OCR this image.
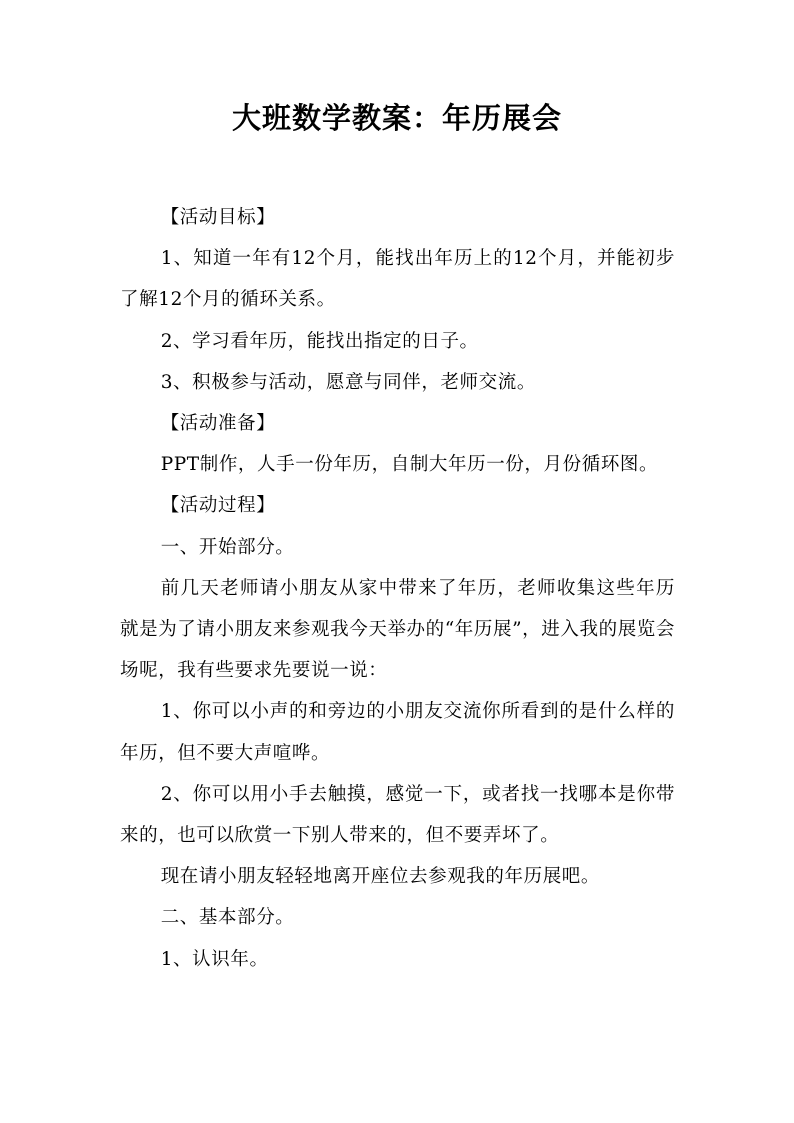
大班数学教案：年历展会

【活动目标】

1、知道一年有12个月，能找出年历上的12个月，并能初步了解12个月的循环关系。

2、学习看年历，能找出指定的日子。

3、积极参与活动，愿意与同伴，老师交流。

【活动准备】

PPT制作，人手一份年历，自制大年历一份，月份循环图。

【活动过程】

一、开始部分。

前几天老师请小朋友从家中带来了年历，老师收集这些年历就是为了请小朋友来参观我今天举办的“年历展”，进入我的展览会场呢，我有些要求先要说一说：

1、你可以小声的和旁边的小朋友交流你所看到的是什么样的年历，但不要大声喧哗。

2、你可以用小手去触摸，感觉一下，或者找一找哪本是你带来的，也可以欣赏一下别人带来的，但不要弄坏了。

现在请小朋友轻轻地离开座位去参观我的年历展吧。

二、基本部分。

1、认识年。
